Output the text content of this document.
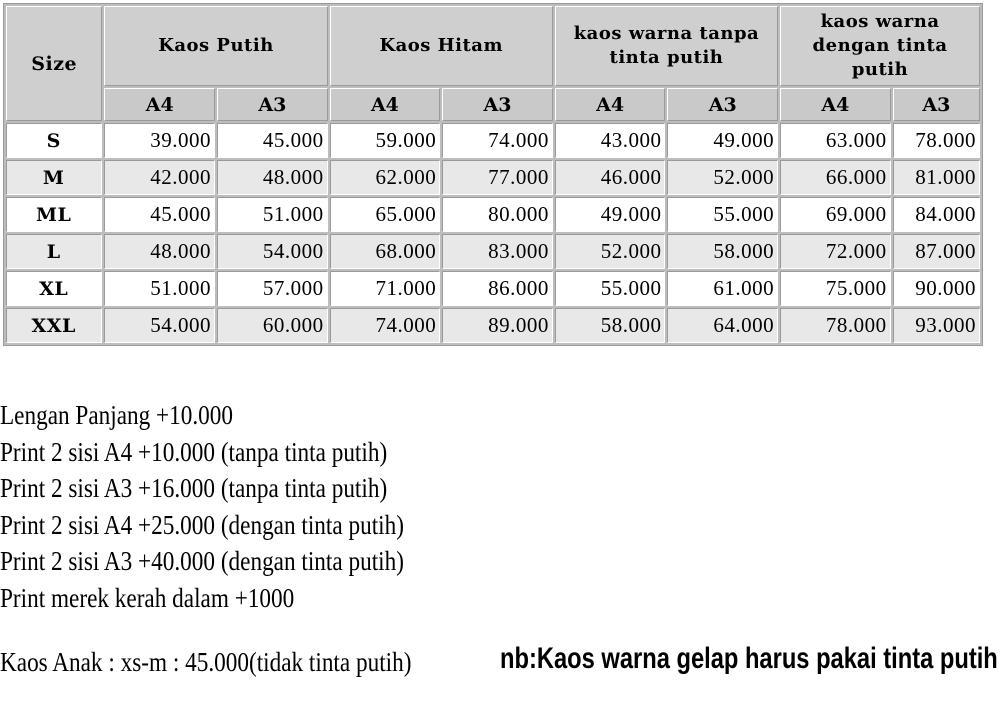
Size	Kaos Putih		Kaos Hitam		kaos warna tanpa tinta putih		kaos warna dengan tinta putih	
	A4	A3	A4	A3	A4	A3	A4	A3
S	39.000	45.000	59.000	74.000	43.000	49.000	63.000	78.000
M	42.000	48.000	62.000	77.000	46.000	52.000	66.000	81.000
ML	45.000	51.000	65.000	80.000	49.000	55.000	69.000	84.000
L	48.000	54.000	68.000	83.000	52.000	58.000	72.000	87.000
XL	51.000	57.000	71.000	86.000	55.000	61.000	75.000	90.000
XXL	54.000	60.000	74.000	89.000	58.000	64.000	78.000	93.000
Lengan Panjang +10.000
Print 2 sisi A4 +10.000 (tanpa tinta putih)
Print 2 sisi A3 +16.000 (tanpa tinta putih)
Print 2 sisi A4 +25.000 (dengan tinta putih)
Print 2 sisi A3 +40.000 (dengan tinta putih)
Print merek kerah dalam +1000
Kaos Anak : xs-m : 45.000(tidak tinta putih)	nb:Kaos warna gelap harus pakai tinta putih
